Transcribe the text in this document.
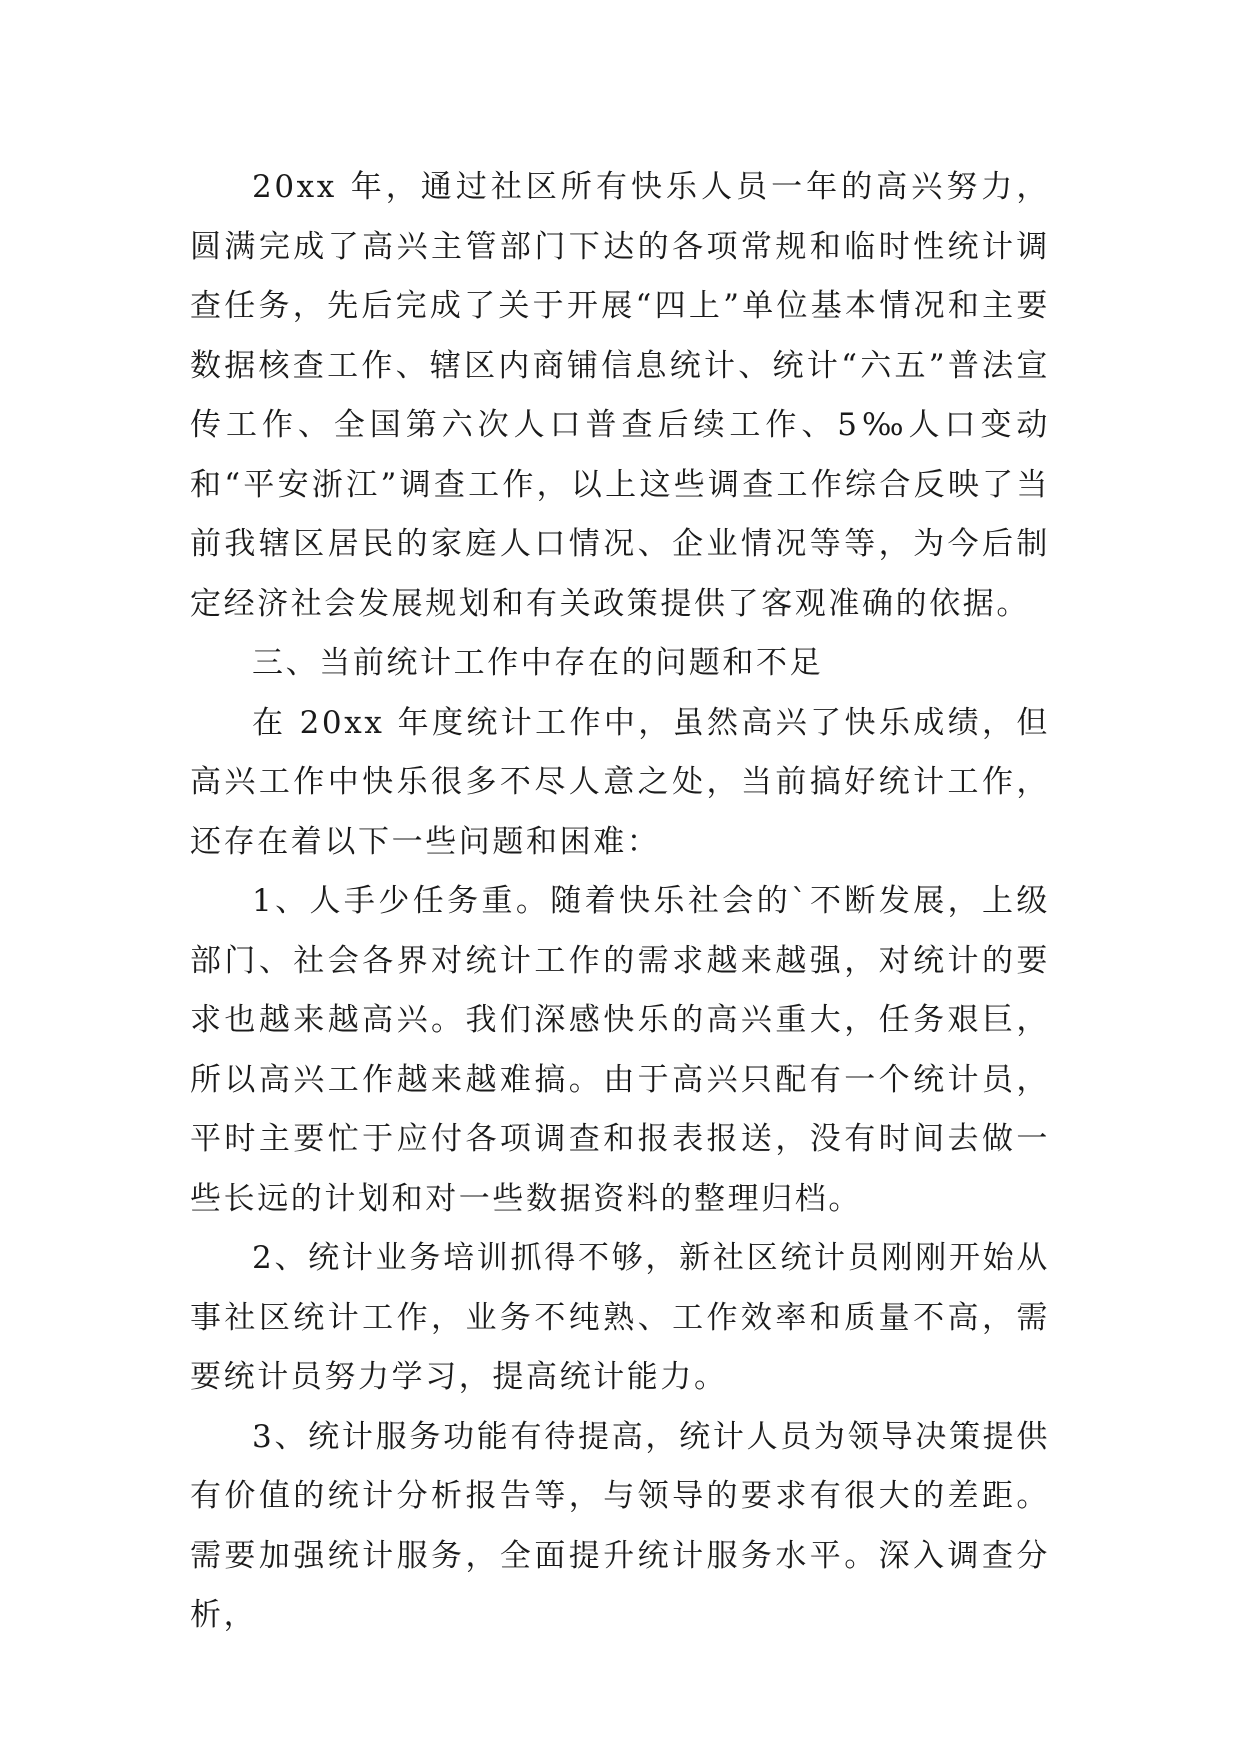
20xx 年，通过社区所有快乐人员一年的高兴努力，圆满完成了高兴主管部门下达的各项常规和临时性统计调查任务，先后完成了关于开展“四上”单位基本情况和主要数据核查工作、辖区内商铺信息统计、统计“六五”普法宣传工作、全国第六次人口普查后续工作、5‰人口变动和“平安浙江”调查工作，以上这些调查工作综合反映了当前我辖区居民的家庭人口情况、企业情况等等，为今后制定经济社会发展规划和有关政策提供了客观准确的依据。

三、当前统计工作中存在的问题和不足

在 20xx 年度统计工作中，虽然高兴了快乐成绩，但高兴工作中快乐很多不尽人意之处，当前搞好统计工作，还存在着以下一些问题和困难：

1、人手少任务重。随着快乐社会的`不断发展，上级部门、社会各界对统计工作的需求越来越强，对统计的要求也越来越高兴。我们深感快乐的高兴重大，任务艰巨，所以高兴工作越来越难搞。由于高兴只配有一个统计员，平时主要忙于应付各项调查和报表报送，没有时间去做一些长远的计划和对一些数据资料的整理归档。

2、统计业务培训抓得不够，新社区统计员刚刚开始从事社区统计工作，业务不纯熟、工作效率和质量不高，需要统计员努力学习，提高统计能力。

3、统计服务功能有待提高，统计人员为领导决策提供有价值的统计分析报告等，与领导的要求有很大的差距。需要加强统计服务，全面提升统计服务水平。深入调查分析，
